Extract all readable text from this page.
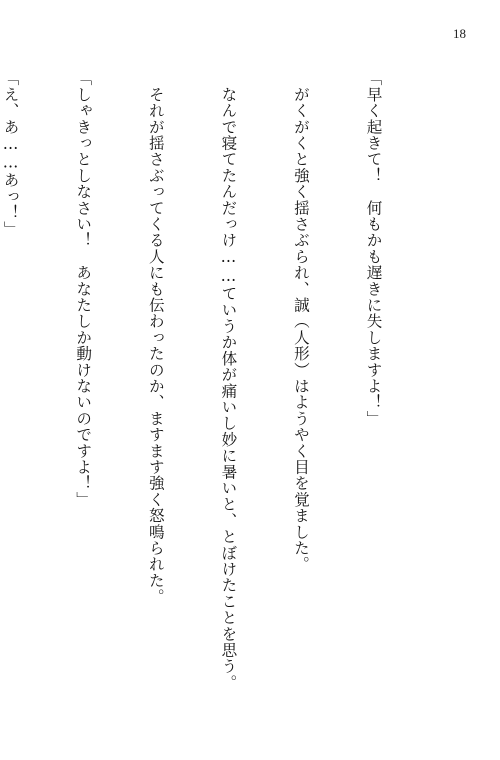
18

「早く起きて！　何もかも遅きに失しますよ！」

　がくがくと強く揺さぶられ、誠（人形）はようやく目を覚ました。

　なんで寝てたんだっけ……ていうか体が痛いし妙に暑いと、とぼけたことを思う。

　それが揺さぶってくる人にも伝わったのか、ますます強く怒鳴られた。

「しゃきっとしなさい！　あなたしか動けないのですよ！」

「え、あ……あっ！」
